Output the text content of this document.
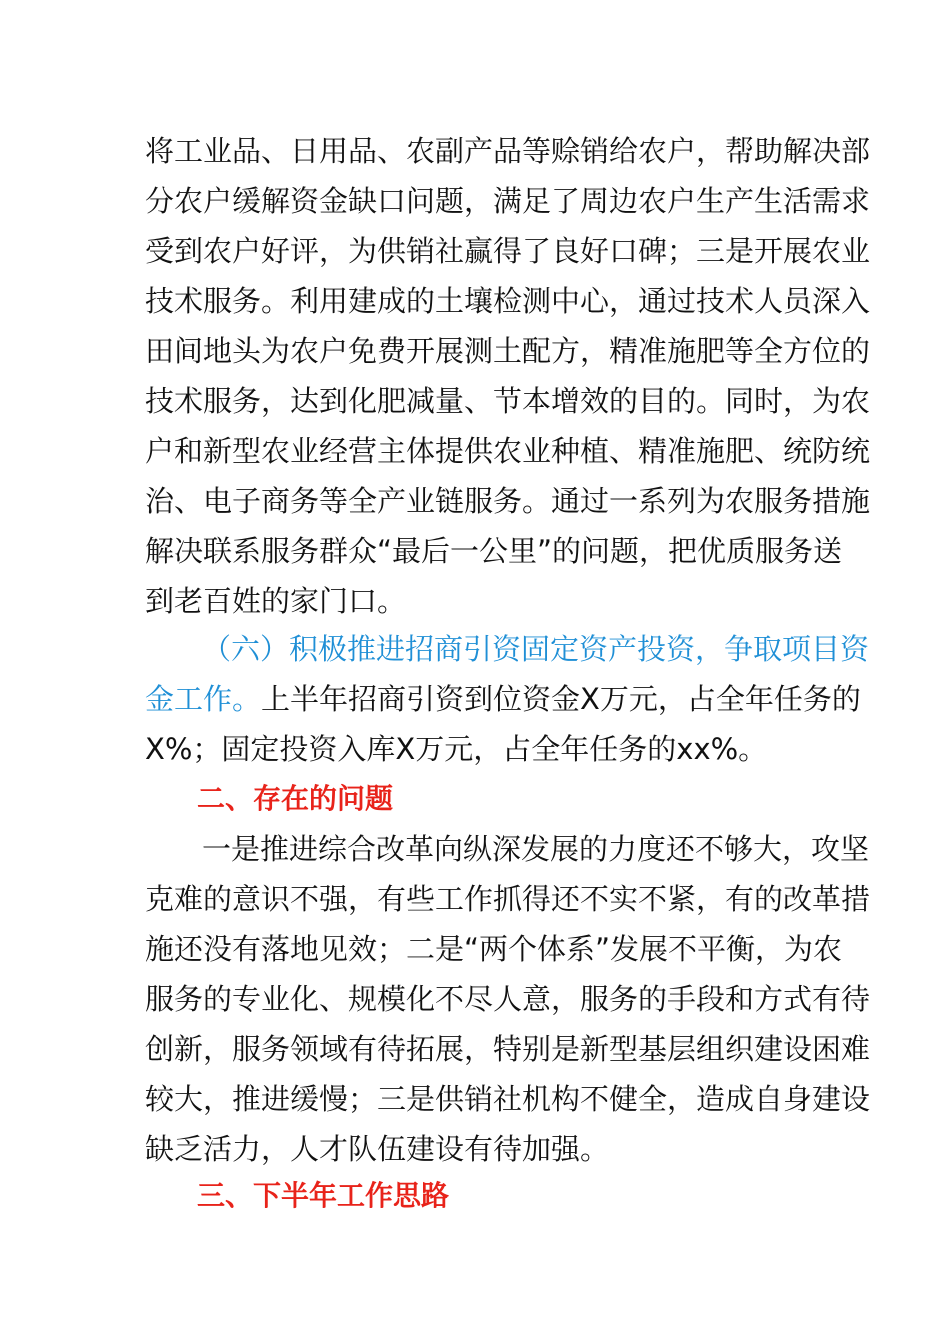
将工业品、日用品、农副产品等赊销给农户，帮助解决部
分农户缓解资金缺口问题，满足了周边农户生产生活需求
受到农户好评，为供销社赢得了良好口碑；三是开展农业
技术服务。利用建成的土壤检测中心，通过技术人员深入
田间地头为农户免费开展测土配方，精准施肥等全方位的
技术服务，达到化肥减量、节本增效的目的。同时，为农
户和新型农业经营主体提供农业种植、精准施肥、统防统
治、电子商务等全产业链服务。通过一系列为农服务措施
解决联系服务群众“最后一公里”的问题，把优质服务送
到老百姓的家门口。
（六）积极推进招商引资固定资产投资，争取项目资
金工作。上半年招商引资到位资金X万元，占全年任务的
X%；固定投资入库X万元，占全年任务的xx%。
二、存在的问题
一是推进综合改革向纵深发展的力度还不够大，攻坚
克难的意识不强，有些工作抓得还不实不紧，有的改革措
施还没有落地见效；二是“两个体系”发展不平衡，为农
服务的专业化、规模化不尽人意，服务的手段和方式有待
创新，服务领域有待拓展，特别是新型基层组织建设困难
较大，推进缓慢；三是供销社机构不健全，造成自身建设
缺乏活力，人才队伍建设有待加强。
三、下半年工作思路
